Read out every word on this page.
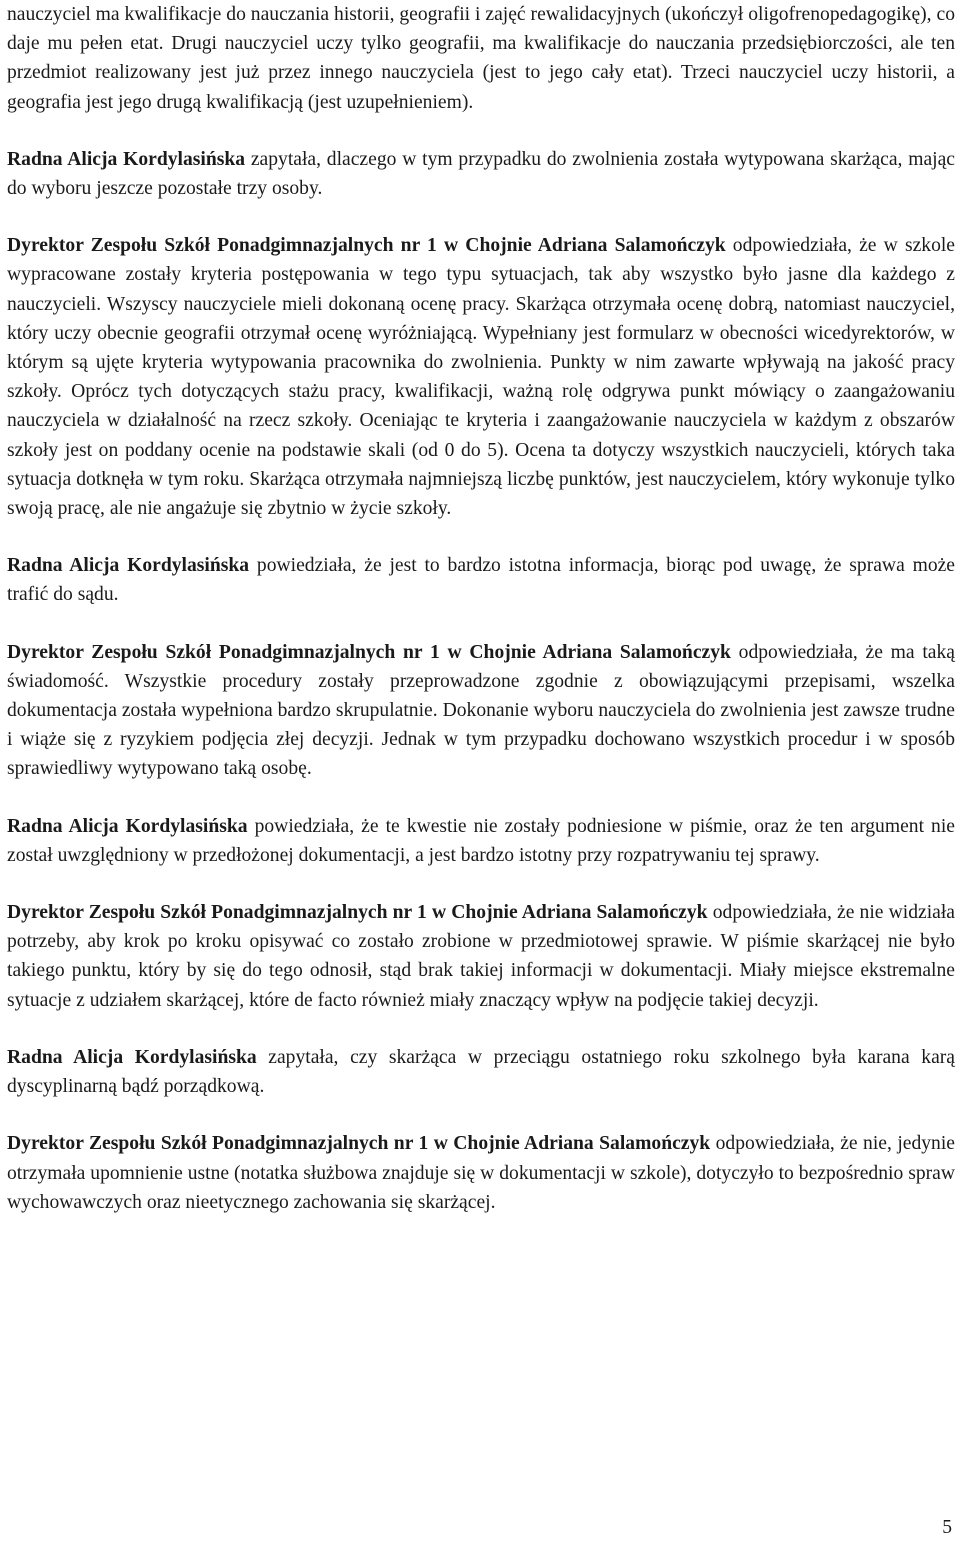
nauczyciel ma kwalifikacje do nauczania historii, geografii i zajęć rewalidacyjnych (ukończył oligofrenopedagogikę), co daje mu pełen etat. Drugi nauczyciel uczy tylko geografii, ma kwalifikacje do nauczania przedsiębiorczości, ale ten przedmiot realizowany jest już przez innego nauczyciela (jest to jego cały etat). Trzeci nauczyciel uczy historii, a geografia jest jego drugą kwalifikacją (jest uzupełnieniem).

Radna Alicja Kordylasińska zapytała, dlaczego w tym przypadku do zwolnienia została wytypowana skarżąca, mając do wyboru jeszcze pozostałe trzy osoby.

Dyrektor Zespołu Szkół Ponadgimnazjalnych nr 1 w Chojnie Adriana Salamończyk odpowiedziała, że w szkole wypracowane zostały kryteria postępowania w tego typu sytuacjach, tak aby wszystko było jasne dla każdego z nauczycieli. Wszyscy nauczyciele mieli dokonaną ocenę pracy. Skarżąca otrzymała ocenę dobrą, natomiast nauczyciel, który uczy obecnie geografii otrzymał ocenę wyróżniającą. Wypełniany jest formularz w obecności wicedyrektorów, w którym są ujęte kryteria wytypowania pracownika do zwolnienia. Punkty w nim zawarte wpływają na jakość pracy szkoły. Oprócz tych dotyczących stażu pracy, kwalifikacji, ważną rolę odgrywa punkt mówiący o zaangażowaniu nauczyciela w działalność na rzecz szkoły. Oceniając te kryteria i zaangażowanie nauczyciela w każdym z obszarów szkoły jest on poddany ocenie na podstawie skali (od 0 do 5). Ocena ta dotyczy wszystkich nauczycieli, których taka sytuacja dotknęła w tym roku. Skarżąca otrzymała najmniejszą liczbę punktów, jest nauczycielem, który wykonuje tylko swoją pracę, ale nie angażuje się zbytnio w życie szkoły.

Radna Alicja Kordylasińska powiedziała, że jest to bardzo istotna informacja, biorąc pod uwagę, że sprawa może trafić do sądu.

Dyrektor Zespołu Szkół Ponadgimnazjalnych nr 1 w Chojnie Adriana Salamończyk odpowiedziała, że ma taką świadomość. Wszystkie procedury zostały przeprowadzone zgodnie z obowiązującymi przepisami, wszelka dokumentacja została wypełniona bardzo skrupulatnie. Dokonanie wyboru nauczyciela do zwolnienia jest zawsze trudne i wiąże się z ryzykiem podjęcia złej decyzji. Jednak w tym przypadku dochowano wszystkich procedur i w sposób sprawiedliwy wytypowano taką osobę.

Radna Alicja Kordylasińska powiedziała, że te kwestie nie zostały podniesione w piśmie, oraz że ten argument nie został uwzględniony w przedłożonej dokumentacji, a jest bardzo istotny przy rozpatrywaniu tej sprawy.

Dyrektor Zespołu Szkół Ponadgimnazjalnych nr 1 w Chojnie Adriana Salamończyk odpowiedziała, że nie widziała potrzeby, aby krok po kroku opisywać co zostało zrobione w przedmiotowej sprawie. W piśmie skarżącej nie było takiego punktu, który by się do tego odnosił, stąd brak takiej informacji w dokumentacji. Miały miejsce ekstremalne sytuacje z udziałem skarżącej, które de facto również miały znaczący wpływ na podjęcie takiej decyzji.

Radna Alicja Kordylasińska zapytała, czy skarżąca w przeciągu ostatniego roku szkolnego była karana karą dyscyplinarną bądź porządkową.

Dyrektor Zespołu Szkół Ponadgimnazjalnych nr 1 w Chojnie Adriana Salamończyk odpowiedziała, że nie, jedynie otrzymała upomnienie ustne (notatka służbowa znajduje się w dokumentacji w szkole), dotyczyło to bezpośrednio spraw wychowawczych oraz nieetycznego zachowania się skarżącej.

5
